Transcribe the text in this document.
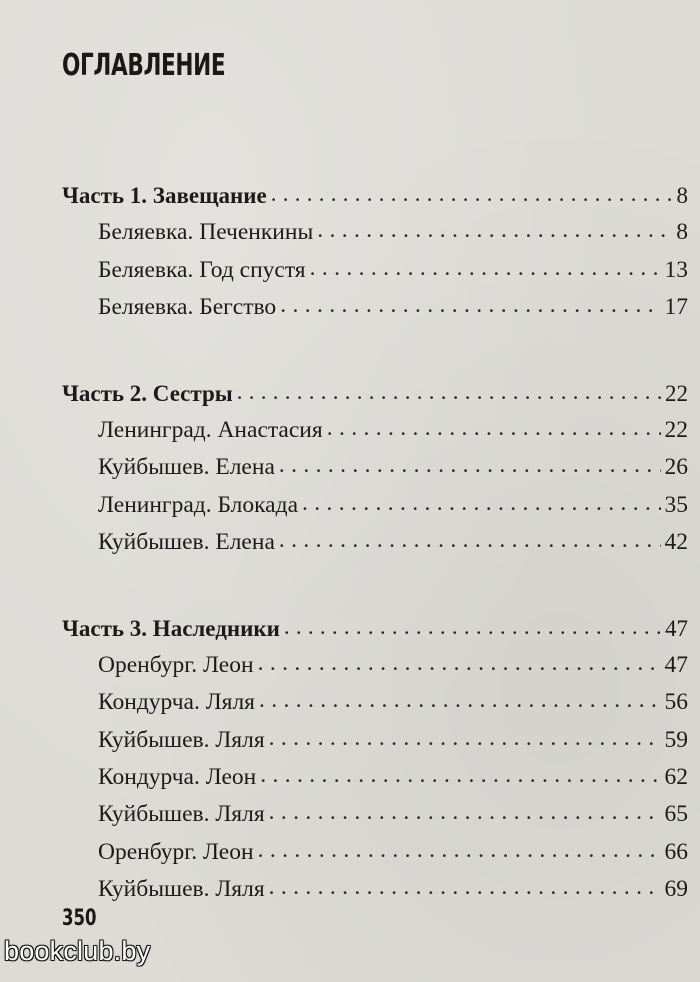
ОГЛАВЛЕНИЕ
Часть 1. Завещание . . .	8
Беляевка. Печенкины . . .	8
Беляевка. Год спустя . . .	13
Беляевка. Бегство . . .	17
Часть 2. Сестры . . .	22
Ленинград. Анастасия . . .	22
Куйбышев. Елена . . .	26
Ленинград. Блокада . . .	35
Куйбышев. Елена . . .	42
Часть 3. Наследники . . .	47
Оренбург. Леон . . .	47
Кондурча. Ляля . . .	56
Куйбышев. Ляля . . .	59
Кондурча. Леон . . .	62
Куйбышев. Ляля . . .	65
Оренбург. Леон . . .	66
Куйбышев. Ляля . . .	69
350
bookclub.by
